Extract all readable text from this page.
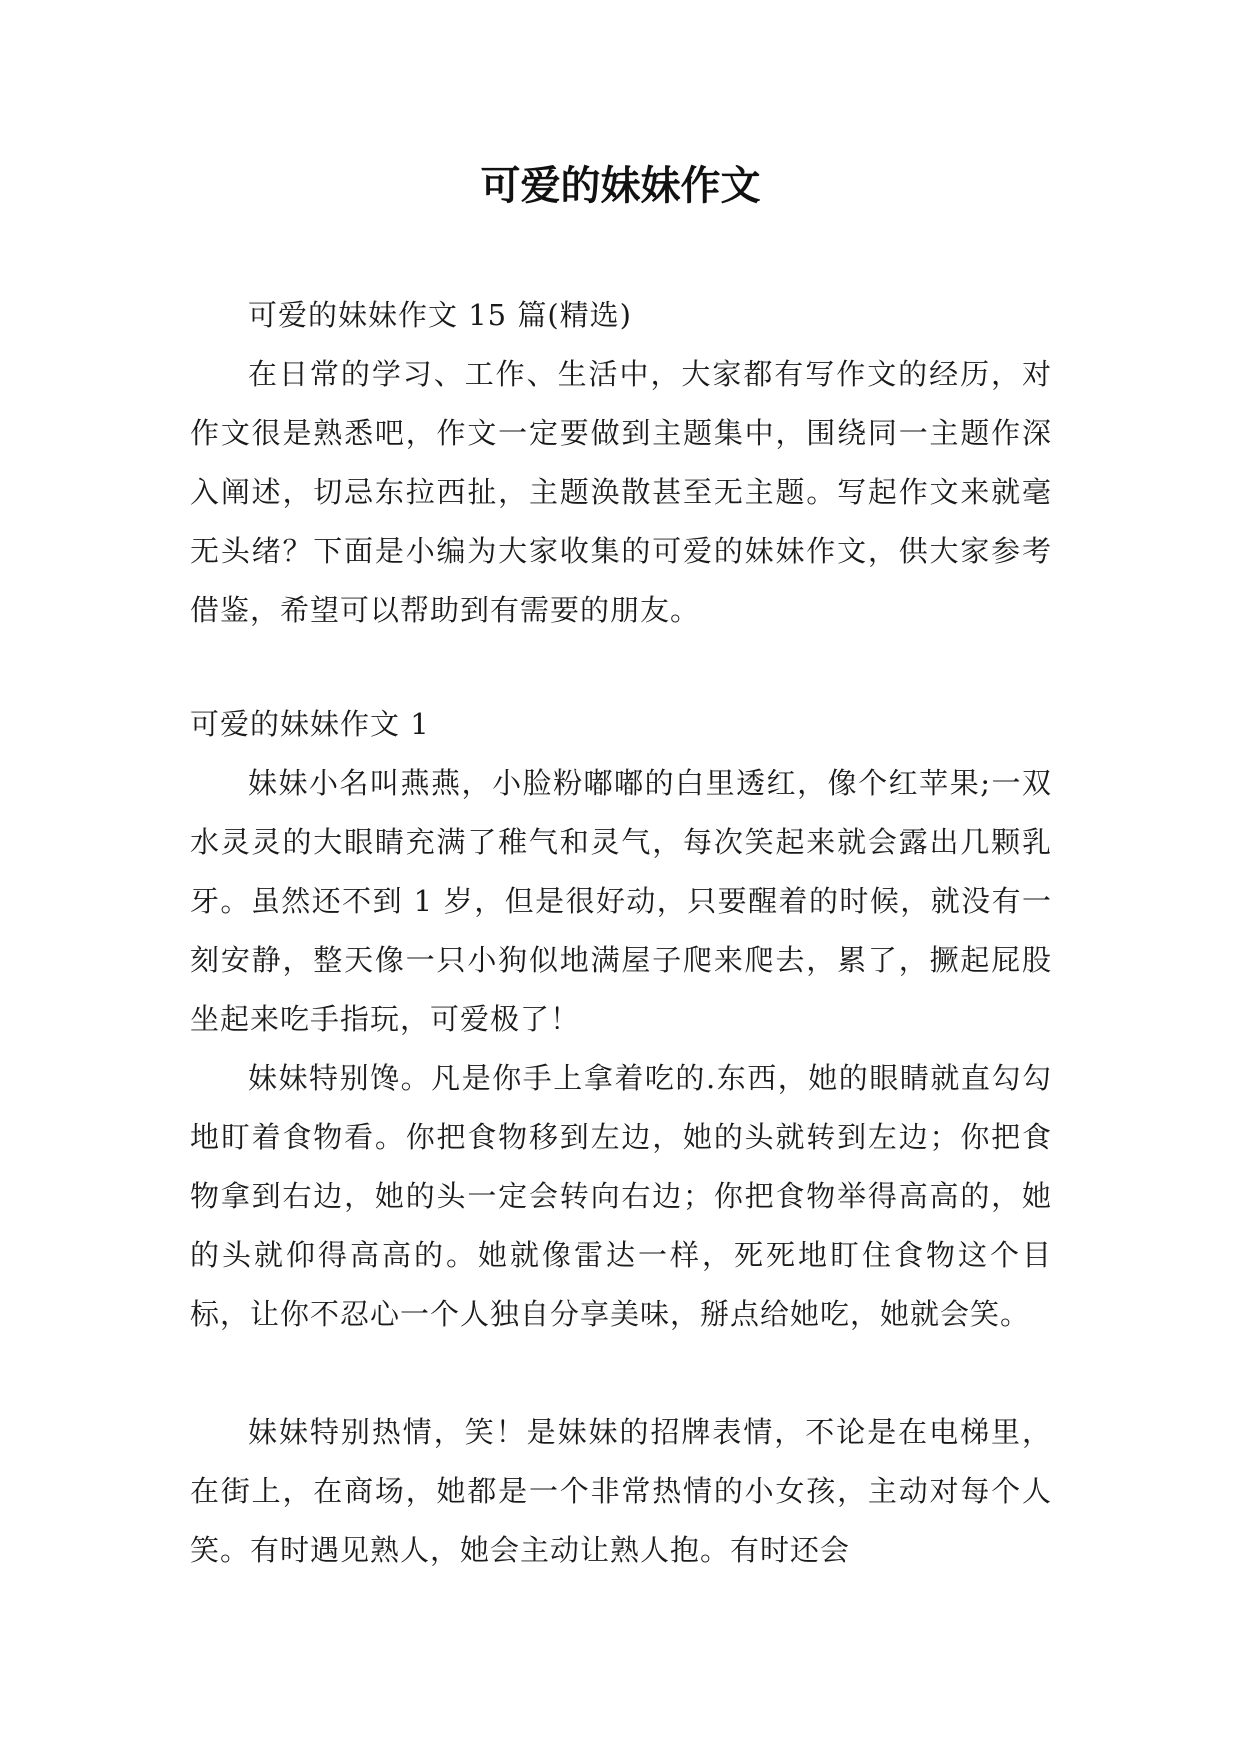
可爱的妹妹作文

可爱的妹妹作文 15 篇(精选)

在日常的学习、工作、生活中，大家都有写作文的经历，对作文很是熟悉吧，作文一定要做到主题集中，围绕同一主题作深入阐述，切忌东拉西扯，主题涣散甚至无主题。写起作文来就毫无头绪？下面是小编为大家收集的可爱的妹妹作文，供大家参考借鉴，希望可以帮助到有需要的朋友。

可爱的妹妹作文 1

妹妹小名叫燕燕，小脸粉嘟嘟的白里透红，像个红苹果;一双水灵灵的大眼睛充满了稚气和灵气，每次笑起来就会露出几颗乳牙。虽然还不到 1 岁，但是很好动，只要醒着的时候，就没有一刻安静，整天像一只小狗似地满屋子爬来爬去，累了，撅起屁股坐起来吃手指玩，可爱极了！

妹妹特别馋。凡是你手上拿着吃的.东西，她的眼睛就直勾勾地盯着食物看。你把食物移到左边，她的头就转到左边；你把食物拿到右边，她的头一定会转向右边；你把食物举得高高的，她的头就仰得高高的。她就像雷达一样，死死地盯住食物这个目标，让你不忍心一个人独自分享美味，掰点给她吃，她就会笑。

妹妹特别热情，笑！是妹妹的招牌表情，不论是在电梯里，在街上，在商场，她都是一个非常热情的小女孩，主动对每个人笑。有时遇见熟人，她会主动让熟人抱。有时还会
